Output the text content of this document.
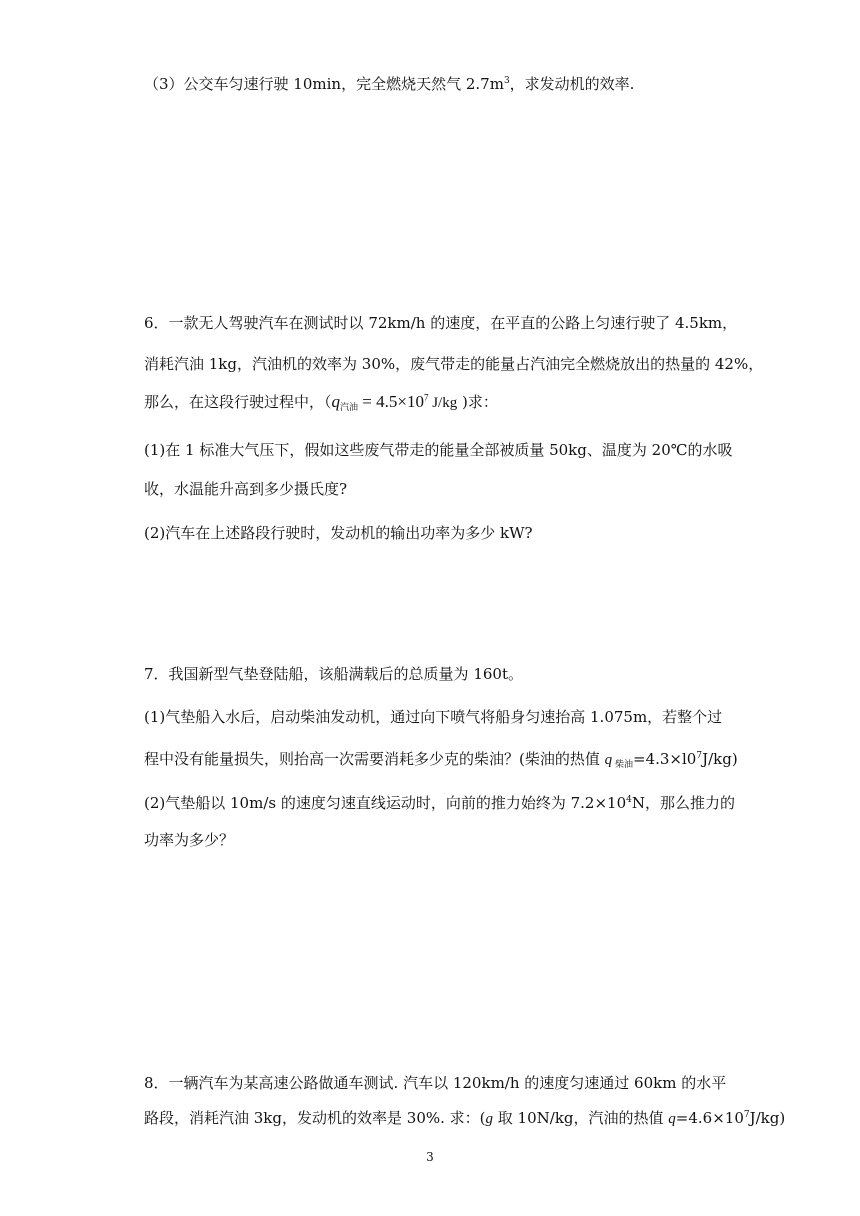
（3）公交车匀速行驶 10min，完全燃烧天然气 $2.7m^3$，求发动机的效率.
6．一款无人驾驶汽车在测试时以 72km/h 的速度，在平直的公路上匀速行驶了 4.5km，
消耗汽油 1kg，汽油机的效率为 30%，废气带走的能量占汽油完全燃烧放出的热量的 42%，
那么，在这段行驶过程中，（$q_{汽油} = 4.5\times 10^7$ J/kg )求：
(1)在 1 标准大气压下，假如这些废气带走的能量全部被质量 50kg、温度为 20℃的水吸
收，水温能升高到多少摄氏度?
(2)汽车在上述路段行驶时，发动机的输出功率为多少 kW?
7．我国新型气垫登陆船，该船满载后的总质量为 160t。
(1)气垫船入水后，启动柴油发动机，通过向下喷气将船身匀速抬高 1.075m，若整个过
程中没有能量损失，则抬高一次需要消耗多少克的柴油？(柴油的热值 q $_{柴油}=4.3\times l0^7J/kg$)
(2)气垫船以 10m/s 的速度匀速直线运动时，向前的推力始终为 $7.2\times 10^4N$，那么推力的
功率为多少？
8．一辆汽车为某高速公路做通车测试. 汽车以 120km/h 的速度匀速通过 60km 的水平
路段，消耗汽油 3kg，发动机的效率是 30%. 求：(g 取 10N/kg，汽油的热值 $q=4.6\times 10^7J/kg$)
3
